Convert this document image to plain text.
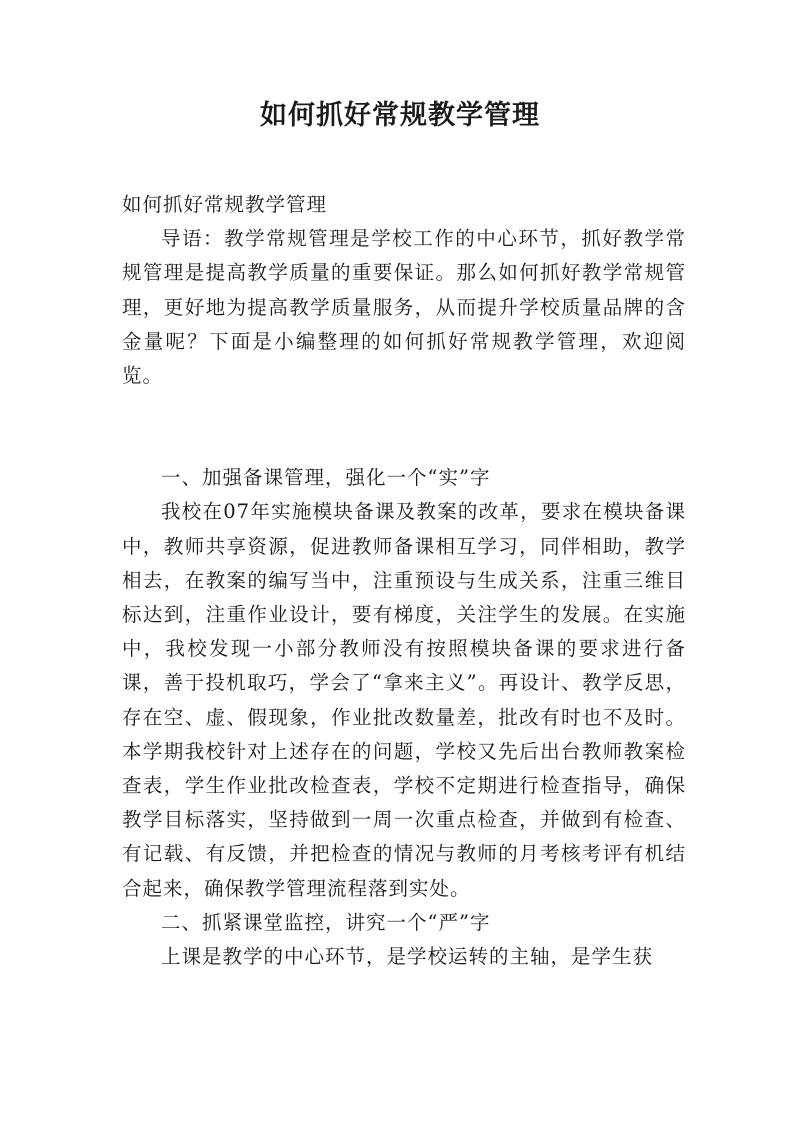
如何抓好常规教学管理

如何抓好常规教学管理

导语：教学常规管理是学校工作的中心环节，抓好教学常规管理是提高教学质量的重要保证。那么如何抓好教学常规管理，更好地为提高教学质量服务，从而提升学校质量品牌的含金量呢？下面是小编整理的如何抓好常规教学管理，欢迎阅览。

一、加强备课管理，强化一个“实”字

我校在07年实施模块备课及教案的改革，要求在模块备课中，教师共享资源，促进教师备课相互学习，同伴相助，教学相去，在教案的编写当中，注重预设与生成关系，注重三维目标达到，注重作业设计，要有梯度，关注学生的发展。在实施中，我校发现一小部分教师没有按照模块备课的要求进行备课，善于投机取巧，学会了“拿来主义”。再设计、教学反思，存在空、虚、假现象，作业批改数量差，批改有时也不及时。本学期我校针对上述存在的问题，学校又先后出台教师教案检查表，学生作业批改检查表，学校不定期进行检查指导，确保教学目标落实，坚持做到一周一次重点检查，并做到有检查、有记载、有反馈，并把检查的情况与教师的月考核考评有机结合起来，确保教学管理流程落到实处。

二、抓紧课堂监控，讲究一个“严”字

上课是教学的中心环节，是学校运转的主轴，是学生获
